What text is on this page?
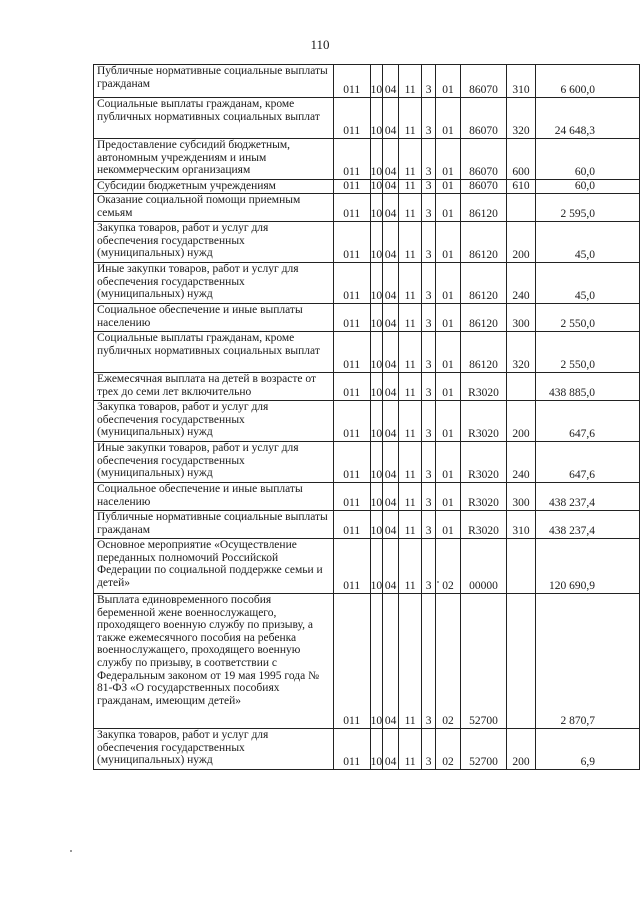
110
Публичные нормативные социальные выплаты гражданам	011	10	04	11	3	01	86070	310	6 600,0
Социальные выплаты гражданам, кроме публичных нормативных социальных выплат	011	10	04	11	3	01	86070	320	24 648,3
Предоставление субсидий бюджетным, автономным учреждениям и иным некоммерческим организациям	011	10	04	11	3	01	86070	600	60,0
Субсидии бюджетным учреждениям	011	10	04	11	3	01	86070	610	60,0
Оказание социальной помощи приемным семьям	011	10	04	11	3	01	86120		2 595,0
Закупка товаров, работ и услуг для обеспечения государственных (муниципальных) нужд	011	10	04	11	3	01	86120	200	45,0
Иные закупки товаров, работ и услуг для обеспечения государственных (муниципальных) нужд	011	10	04	11	3	01	86120	240	45,0
Социальное обеспечение и иные выплаты населению	011	10	04	11	3	01	86120	300	2 550,0
Социальные выплаты гражданам, кроме публичных нормативных социальных выплат	011	10	04	11	3	01	86120	320	2 550,0
Ежемесячная выплата на детей в возрасте от трех до семи лет включительно	011	10	04	11	3	01	R3020		438 885,0
Закупка товаров, работ и услуг для обеспечения государственных (муниципальных) нужд	011	10	04	11	3	01	R3020	200	647,6
Иные закупки товаров, работ и услуг для обеспечения государственных (муниципальных) нужд	011	10	04	11	3	01	R3020	240	647,6
Социальное обеспечение и иные выплаты населению	011	10	04	11	3	01	R3020	300	438 237,4
Публичные нормативные социальные выплаты гражданам	011	10	04	11	3	01	R3020	310	438 237,4
Основное мероприятие «Осуществление переданных полномочий Российской Федерации по социальной поддержке семьи и детей»	011	10	04	11	3	02	00000		120 690,9
Выплата единовременного пособия беременной жене военнослужащего, проходящего военную службу по призыву, а также ежемесячного пособия на ребенка военнослужащего, проходящего военную службу по призыву, в соответствии с Федеральным законом от 19 мая 1995 года № 81-ФЗ «О государственных пособиях гражданам, имеющим детей»	011	10	04	11	3	02	52700		2 870,7
Закупка товаров, работ и услуг для обеспечения государственных (муниципальных) нужд	011	10	04	11	3	02	52700	200	6,9
